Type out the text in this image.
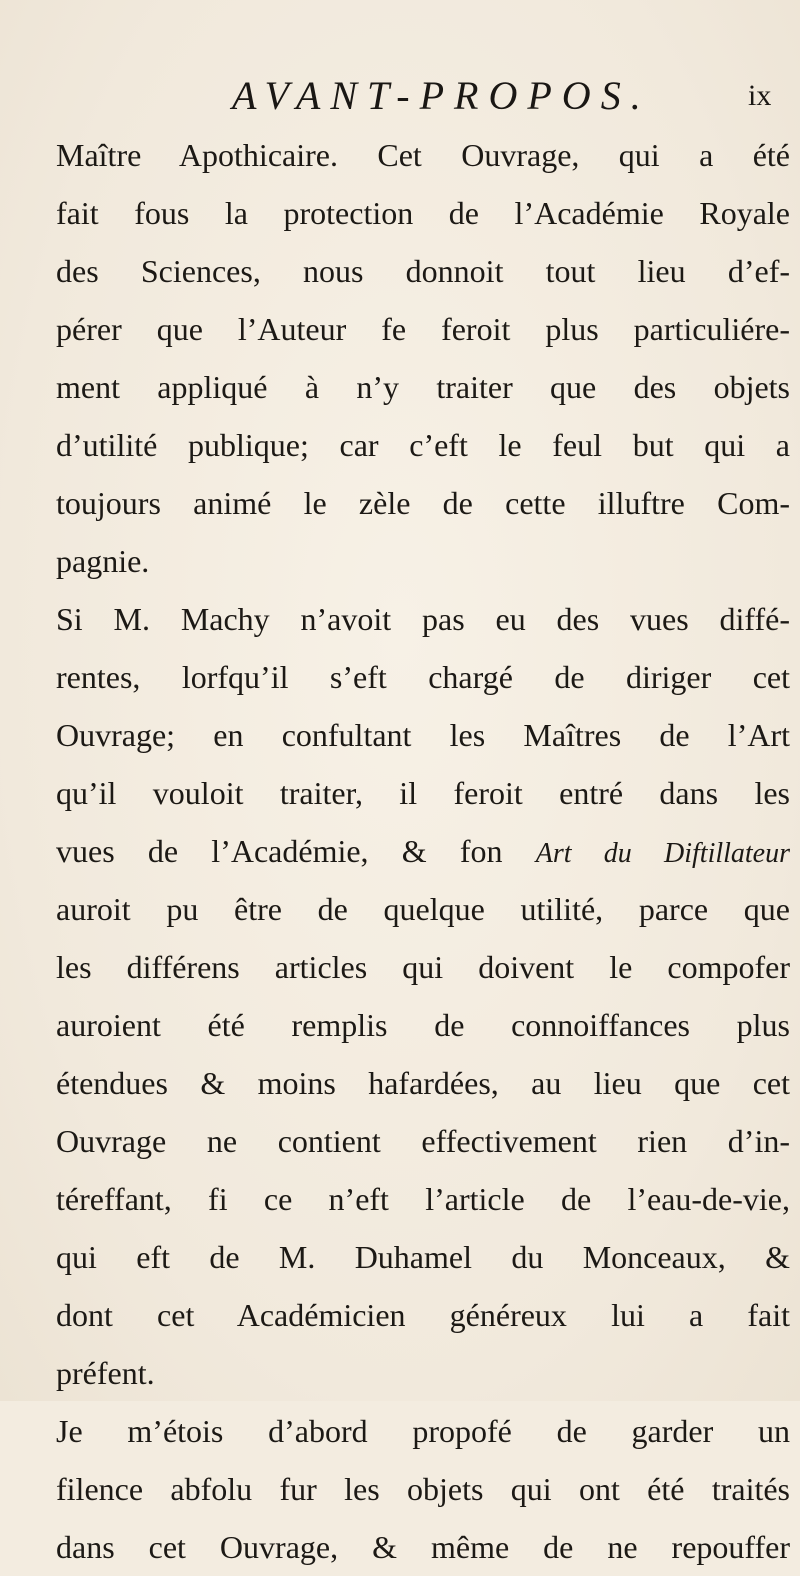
AVANT-PROPOS.	ix
Maître Apothicaire. Cet Ouvrage, qui a été
fait fous la protection de l’Académie Royale
des Sciences, nous donnoit tout lieu d’ef-
pérer que l’Auteur fe feroit plus particuliére-
ment appliqué à n’y traiter que des objets
d’utilité publique; car c’eft le feul but qui a
toujours animé le zèle de cette illuftre Com-
pagnie.
Si M. Machy n’avoit pas eu des vues diffé-
rentes, lorfqu’il s’eft chargé de diriger cet
Ouvrage; en confultant les Maîtres de l’Art
qu’il vouloit traiter, il feroit entré dans les
vues de l’Académie, & fon Art du Diftillateur
auroit pu être de quelque utilité, parce que
les différens articles qui doivent le compofer
auroient été remplis de connoiffances plus
étendues & moins hafardées, au lieu que cet
Ouvrage ne contient effectivement rien d’in-
téreffant, fi ce n’eft l’article de l’eau-de-vie,
qui eft de M. Duhamel du Monceaux, &
dont cet Académicien généreux lui a fait
préfent.
Je m’étois d’abord propofé de garder un
filence abfolu fur les objets qui ont été traités
dans cet Ouvrage, & même de ne repouffer
